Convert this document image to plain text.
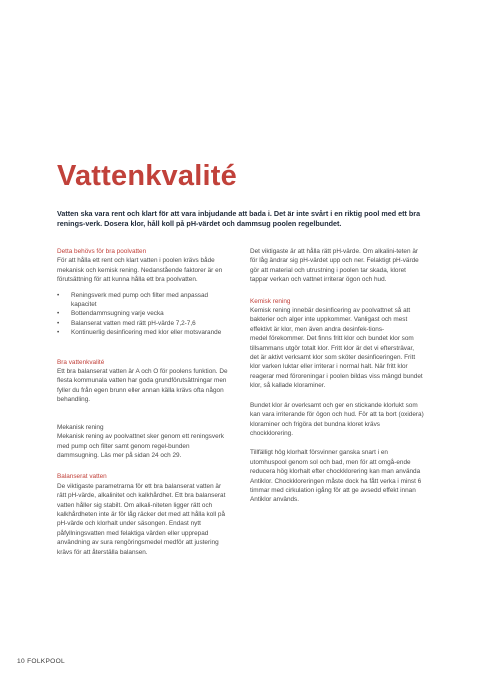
Vattenkvalité
Vatten ska vara rent och klart för att vara inbjudande att bada i. Det är inte svårt i en riktig pool med ett bra renings-verk. Dosera klor, håll koll på pH-värdet och dammsug poolen regelbundet.

Detta behövs för bra poolvatten

För att hålla ett rent och klart vatten i poolen krävs både mekanisk och kemisk rening. Nedanstående faktorer är en förutsättning för att kunna hålla ett bra poolvatten.

• Reningsverk med pump och filter med anpassad kapacitet
• Bottendammsugning varje vecka
• Balanserat vatten med rätt pH-värde 7,2-7,6
• Kontinuerlig desinficering med klor eller motsvarande

Bra vattenkvalité

Ett bra balanserat vatten är A och O för poolens funktion. De flesta kommunala vatten har goda grundförutsättningar men fyller du från egen brunn eller annan källa krävs ofta någon behandling.

Mekanisk rening

Mekanisk rening av poolvattnet sker genom ett reningsverk med pump och filter samt genom regel-bunden dammsugning. Läs mer på sidan 24 och 29.

Balanserat vatten

De viktigaste parametrarna för ett bra balanserat vatten är rätt pH-värde, alkalinitet och kalkhårdhet. Ett bra balanserat vatten håller sig stabilt. Om alkali-niteten ligger rätt och kalkhårdheten inte är för låg räcker det med att hålla koll på pH-värde och klorhalt under säsongen. Endast nytt påfyllningsvatten med felaktiga värden eller upprepad användning av sura rengöringsmedel medför att justering krävs för att återställa balansen.

Det viktigaste är att hålla rätt pH-värde. Om alkalini-teten är för låg ändrar sig pH-värdet upp och ner. Felaktigt pH-värde gör att material och utrustning i poolen tar skada, kloret tappar verkan och vattnet irriterar ögon och hud.

Kemisk rening

Kemisk rening innebär desinficering av poolvattnet så att bakterier och alger inte uppkommer. Vanligast och mest effektivt är klor, men även andra desinfek-tions-

medel förekommer. Det finns fritt klor och bundet klor som tillsammans utgör totalt klor. Fritt klor är det vi eftersträvar, det är aktivt verksamt klor som sköter desinficeringen. Fritt klor varken luktar eller irriterar i normal halt. När fritt klor reagerar med föroreningar i poolen bildas viss mängd bundet klor, så kallade kloraminer.

Bundet klor är overksamt och ger en stickande klorlukt som kan vara irriterande för ögon och hud. För att ta bort (oxidera) kloraminer och frigöra det bundna kloret krävs chockklorering.

Tillfälligt hög klorhalt försvinner ganska snart i en utomhuspool genom sol och bad, men för att omgå-ende reducera hög klorhalt efter chockklorering kan man använda Antiklor. Chockkloreringen måste dock ha fått verka i minst 6 timmar med cirkulation igång för att ge avsedd effekt innan Antiklor används.

10 FOLKPOOL
